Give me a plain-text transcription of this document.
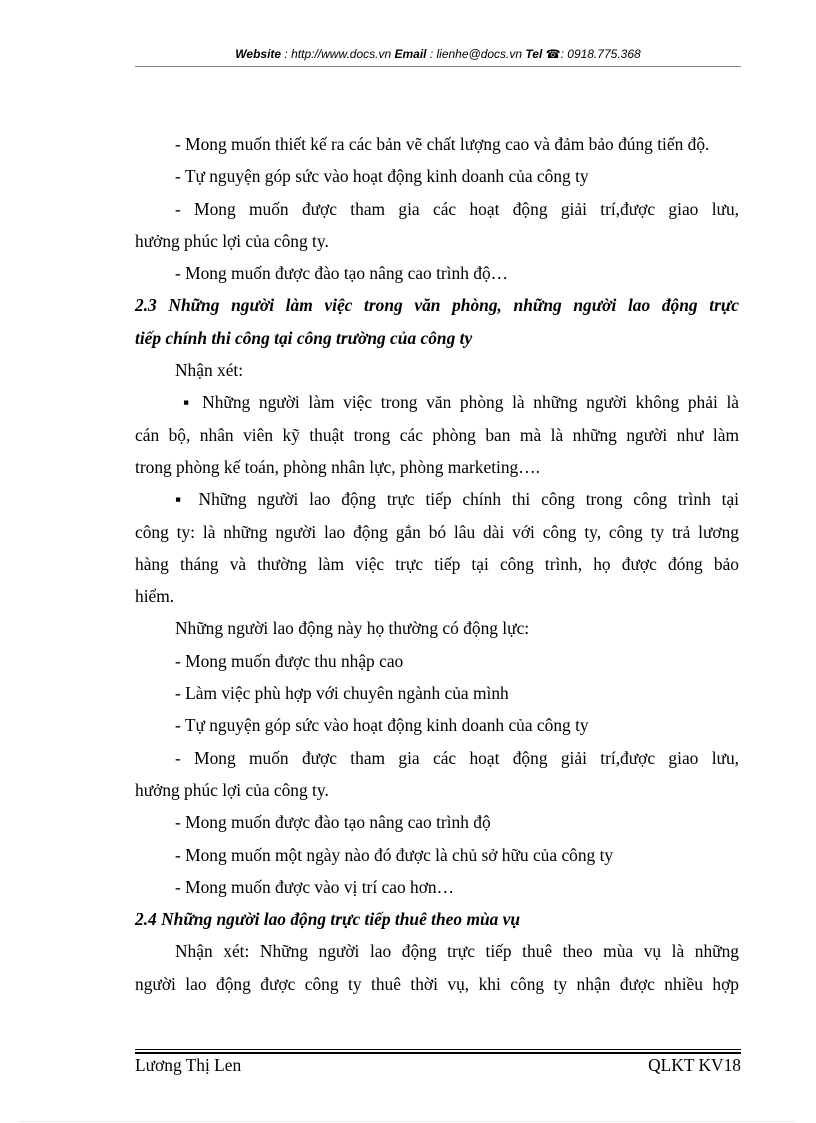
Website : http://www.docs.vn Email : lienhe@docs.vn Tel ☎: 0918.775.368
- Mong muốn thiết kế ra các bản vẽ chất lượng cao và đảm bảo đúng tiến độ.
- Tự nguyện góp sức vào hoạt động kinh doanh của công ty
- Mong muốn được tham gia các hoạt động giải trí,được giao lưu,
hưởng phúc lợi của công ty.
- Mong muốn được đào tạo nâng cao trình độ…
2.3 Những người làm việc trong văn phòng, những người lao động trực
tiếp chính thi công tại công trường của công ty
Nhận xét:
▪ Những người làm việc trong văn phòng là những người không phải là
cán bộ, nhân viên kỹ thuật trong các phòng ban mà là những người như làm
trong phòng kế toán, phòng nhân lực, phòng marketing….
▪ Những người lao động trực tiếp chính thi công trong công trình tại
công ty: là những người lao động gắn bó lâu dài với công ty, công ty trả lương
hàng tháng và thường làm việc trực tiếp tại công trình, họ được đóng bảo
hiểm.
Những người lao động này họ thường có động lực:
- Mong muốn được thu nhập cao
- Làm việc phù hợp với chuyên ngành của mình
- Tự nguyện góp sức vào hoạt động kinh doanh của công ty
- Mong muốn được tham gia các hoạt động giải trí,được giao lưu,
hưởng phúc lợi của công ty.
- Mong muốn được đào tạo nâng cao trình độ
- Mong muốn một ngày nào đó được là chủ sở hữu của công ty
- Mong muốn được vào vị trí cao hơn…
2.4 Những người lao động trực tiếp thuê theo mùa vụ
Nhận xét: Những người lao động trực tiếp thuê theo mùa vụ là những
người lao động được công ty thuê thời vụ, khi công ty nhận được nhiều hợp
Lương Thị Len	QLKT KV18
